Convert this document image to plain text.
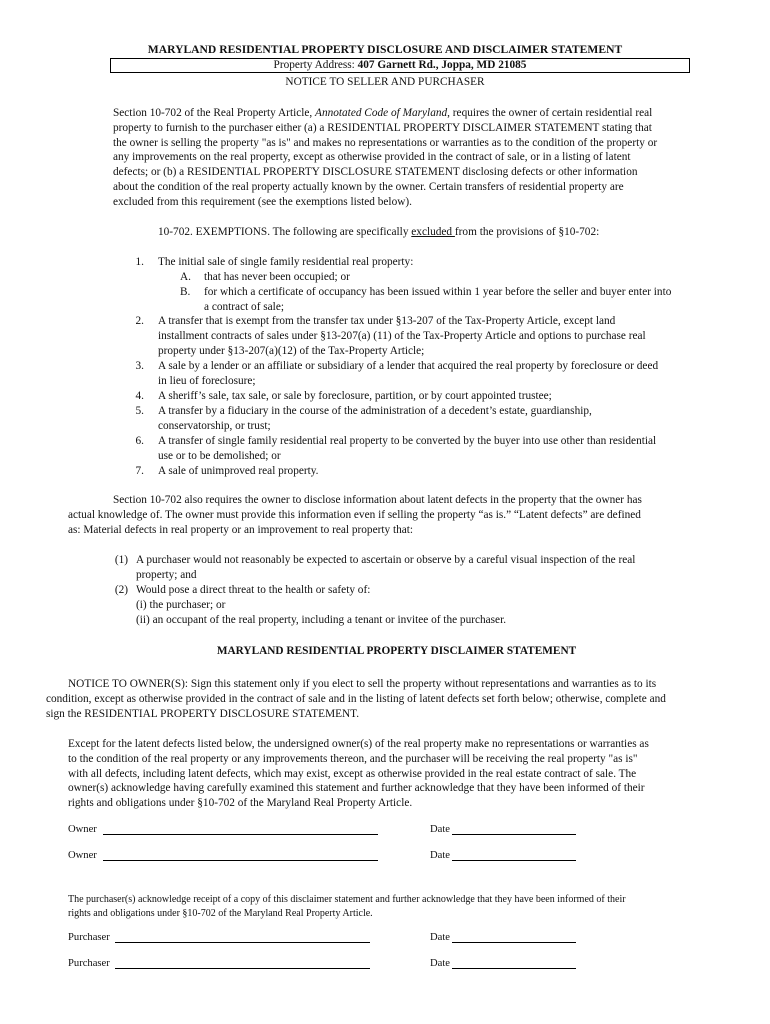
MARYLAND RESIDENTIAL PROPERTY DISCLOSURE AND DISCLAIMER STATEMENT
Property Address: 407 Garnett Rd., Joppa, MD 21085
NOTICE TO SELLER AND PURCHASER
Section 10-702 of the Real Property Article, Annotated Code of Maryland, requires the owner of certain residential real
property to furnish to the purchaser either (a) a RESIDENTIAL PROPERTY DISCLAIMER STATEMENT stating that
the owner is selling the property "as is" and makes no representations or warranties as to the condition of the property or
any improvements on the real property, except as otherwise provided in the contract of sale, or in a listing of latent
defects; or (b) a RESIDENTIAL PROPERTY DISCLOSURE STATEMENT disclosing defects or other information
about the condition of the real property actually known by the owner. Certain transfers of residential property are
excluded from this requirement (see the exemptions listed below).
10-702. EXEMPTIONS. The following are specifically excluded from the provisions of §10-702:
1. The initial sale of single family residential real property:
A. that has never been occupied; or
B.	for which a certificate of occupancy has been issued within 1 year before the seller and buyer enter into
a contract of sale;
2. A transfer that is exempt from the transfer tax under §13-207 of the Tax-Property Article, except land
installment contracts of sales under §13-207(a) (11) of the Tax-Property Article and options to purchase real
property under §13-207(a)(12) of the Tax-Property Article;
3. A sale by a lender or an affiliate or subsidiary of a lender that acquired the real property by foreclosure or deed
in lieu of foreclosure;
4. A sheriff’s sale, tax sale, or sale by foreclosure, partition, or by court appointed trustee;
5. A transfer by a fiduciary in the course of the administration of a decedent’s estate, guardianship,
conservatorship, or trust;
6. A transfer of single family residential real property to be converted by the buyer into use other than residential
use or to be demolished; or
7. A sale of unimproved real property.
Section 10-702 also requires the owner to disclose information about latent defects in the property that the owner has
actual knowledge of. The owner must provide this information even if selling the property “as is.” “Latent defects” are defined
as: Material defects in real property or an improvement to real property that:
(1) A purchaser would not reasonably be expected to ascertain or observe by a careful visual inspection of the real
property; and
(2) Would pose a direct threat to the health or safety of:
(i) the purchaser; or
(ii) an occupant of the real property, including a tenant or invitee of the purchaser.
MARYLAND RESIDENTIAL PROPERTY DISCLAIMER STATEMENT
NOTICE TO OWNER(S): Sign this statement only if you elect to sell the property without representations and warranties as to its
condition, except as otherwise provided in the contract of sale and in the listing of latent defects set forth below; otherwise, complete and
sign the RESIDENTIAL PROPERTY DISCLOSURE STATEMENT.
Except for the latent defects listed below, the undersigned owner(s) of the real property make no representations or warranties as
to the condition of the real property or any improvements thereon, and the purchaser will be receiving the real property "as is"
with all defects, including latent defects, which may exist, except as otherwise provided in the real estate contract of sale. The
owner(s) acknowledge having carefully examined this statement and further acknowledge that they have been informed of their
rights and obligations under §10-702 of the Maryland Real Property Article.
Owner	Date
Owner	Date
The purchaser(s) acknowledge receipt of a copy of this disclaimer statement and further acknowledge that they have been informed of their
rights and obligations under §10-702 of the Maryland Real Property Article.
Purchaser	Date
Purchaser	Date
